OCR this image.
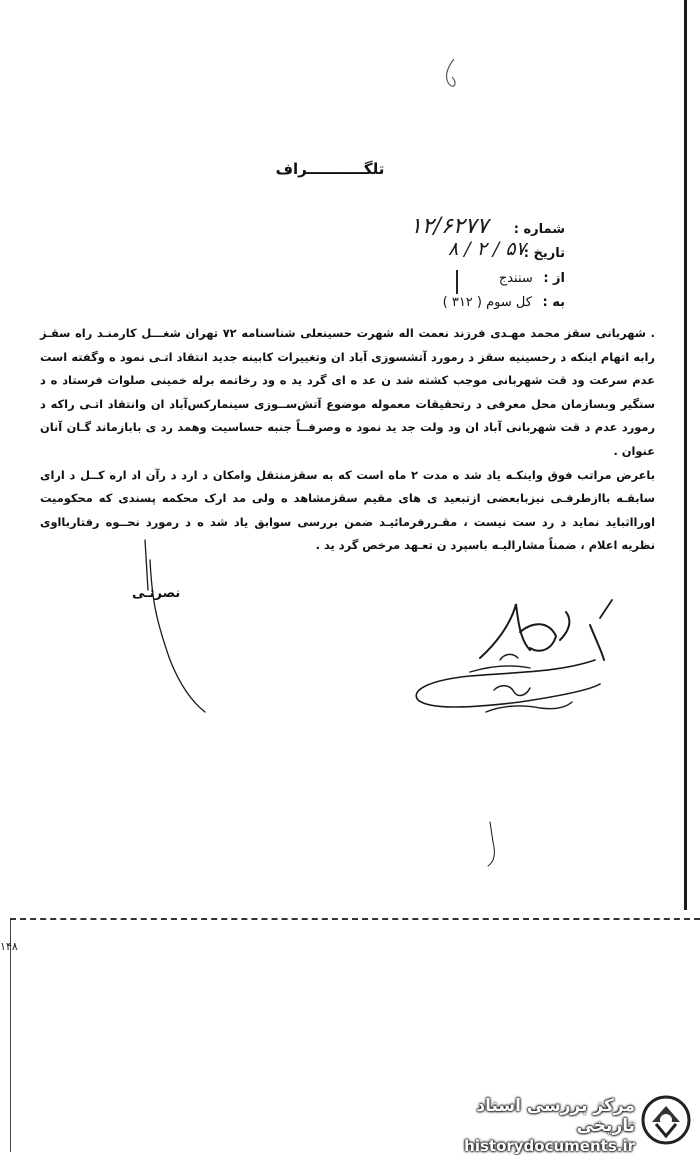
۱۴۸
تلگـــــــــــراف
شماره :
۱۲/۶۲۷۷
تاریخ :
۸ / ۲ / ۵۷
از : سنندج
به : کل سوم ( ۳۱۲ )

. شهربانی سقز محمد مهـدی فرزند نعمت اله شهرت حسینعلی شناسنامه ۷۲ تهران شغـــل کارمنـد راه سقـز رابه اتهام اینکه د رحسینیه سقز د رمورد آتشسوزی آباد ان وتغییرات کابینه جدید انتقاد اتـی نمود ه وگفته است عدم سرعت ود قت شهربانی موجب کشته شد ن عد ه ای گرد ید ه ود رخاتمه برله خمینی صلوات فرستاد ه د ستگیر وبسازمان محل معرفی د رتحقیقات معموله موضوع آتش‌ســوزی سینمارکس‌آباد ان وانتقاد اتـی راکه د رمورد عدم د قت شهربانی آباد ان ود ولت جد ید نمود ه وصرفــاً جنبه حساسیت وهمد رد ی بابازماند گـان آنان عنوان .

باعرض مراتب فوق واینکـه یاد شد ه مدت ۲ ماه است که به سقزمنتقل وامکان د ارد د رآن اد اره کــل د ارای سابقـه باازطرفـی نیزبابعضی ازتبعید ی های مقیم سقزمشاهد ه ولی مد ارک محکمه پسندی که محکومیت اورااثباید نماید د رد ست نیست ، مقـررفرمائیـد ضمن بررسی سوابق یاد شد ه د رمورد نحــوه رفتاربااوی نظریه اعلام ، ضمناً مشارالیـه باسپرد ن تعـهد مرخص گرد ید .

نصرتـی
مرکز بررسی اسناد تاریخی
historydocuments.ir
